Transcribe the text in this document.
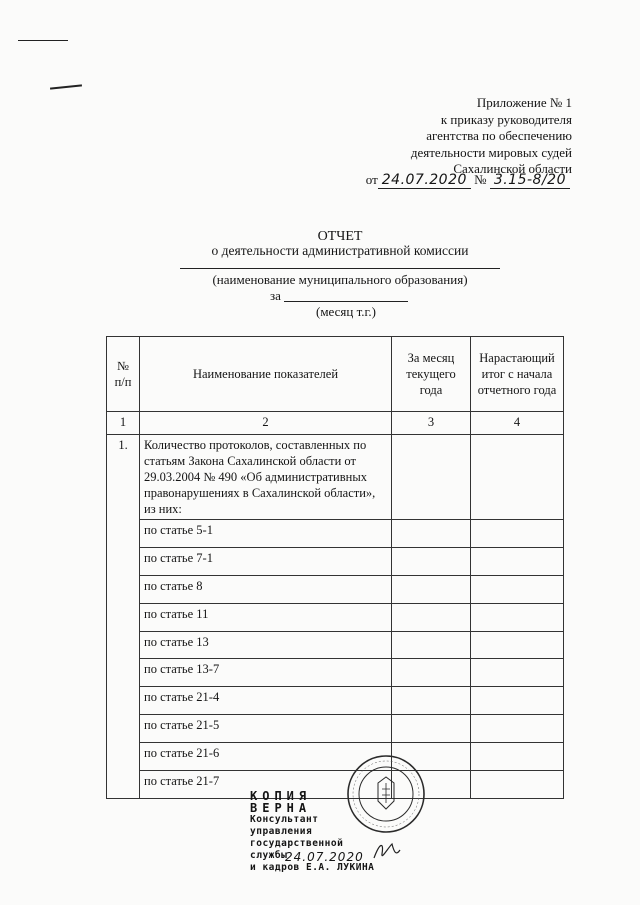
Приложение № 1
к приказу руководителя
агентства по обеспечению
деятельности мировых судей
Сахалинской области
от 24.07.2020 № 3.15-8/20
ОТЧЕТ
о деятельности административной комиссии
(наименование муниципального образования)
за
(месяц т.г.)
№ п/п	Наименование показателей	За месяц текущего года	Нарастающий итог с начала отчетного года
1	2	3	4
1.	Количество протоколов, составленных по статьям Закона Сахалинской области от 29.03.2004 № 490 «Об административных правонарушениях в Сахалинской области», из них:		
	по статье 5-1		
	по статье 7-1		
	по статье 8		
	по статье 11		
	по статье 13		
	по статье 13-7		
	по статье 21-4		
	по статье 21-5		
	по статье 21-6		
	по статье 21-7		
КОПИЯ ВЕРНА
Консультант управления
государственной службы
и кадров Е.А. ЛУКИНА
24.07.2020
